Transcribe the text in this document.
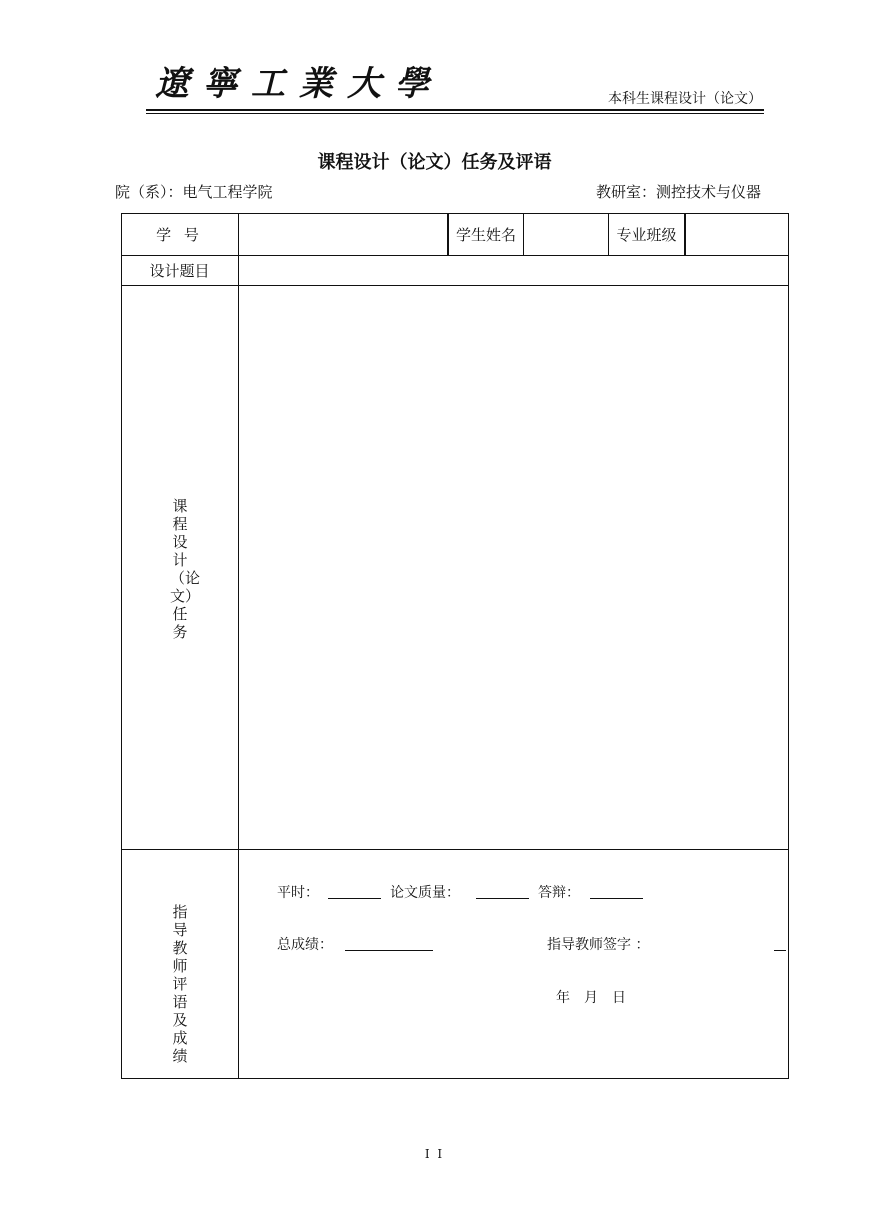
遼寧工業大學	本科生课程设计（论文）
课程设计（论文）任务及评语
院（系）：电气工程学院	教研室：测控技术与仪器
学 号	学生姓名	专业班级
设计题目
课程设计（论文）任务
指导教师评语及成绩
平时：	论文质量：	答辩：
总成绩：	指导教师签字 ：
年　月　日
I I
